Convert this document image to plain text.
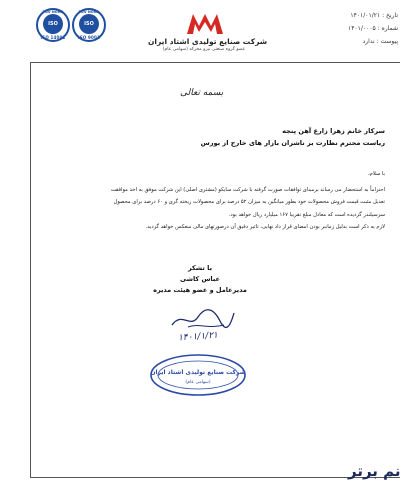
TUV NORD
ISO
ISO 14001
TUV NORD
ISO
ISO 9001	شرکت صنایع تولیدی اشتاد ایران
(سهامی عام) عضو گروه صنعتی نیرو محرکه
تاریخ : ۱۴۰۱/۰۱/۲۱
شماره : ۱۴۰۱/۰۰۰۵
پیوست : ندارد
بسمه تعالی
سرکار خانم زهرا زارع آهن پنجه
ریاست محترم نظارت بر ناشران بازار های خارج از بورس
با سلام،
احتراماً به استحضار می رساند برمبنای توافقات صورت گرفته با شرکت سایکو (مشتری اصلی) این شرکت موفق به اخذ موافقت
تعدیل مثبت قیمت فروش محصولات خود بطور میانگین به میزان ۵۲ درصد برای محصولات ریخته گری و ۶۰ درصد برای محصول
سرسیلندر گردیده است که معادل مبلغ تقریبا ۱۶۷ میلیارد ریال خواهد بود.
لازم به ذکر است بدلیل زمانبر بودن امضای قرار داد نهایی، تاثیر دقیق آن درصورتهای مالی منعکس خواهد گردید.
با تشکر
عباس کاشی
مدیرعامل و عضو هیئت مدیره
۱۴۰۱/۱/۲۱
شرکت صنایع تولیدی اشتاد ایران
(سهامی عام)
نم برتر
